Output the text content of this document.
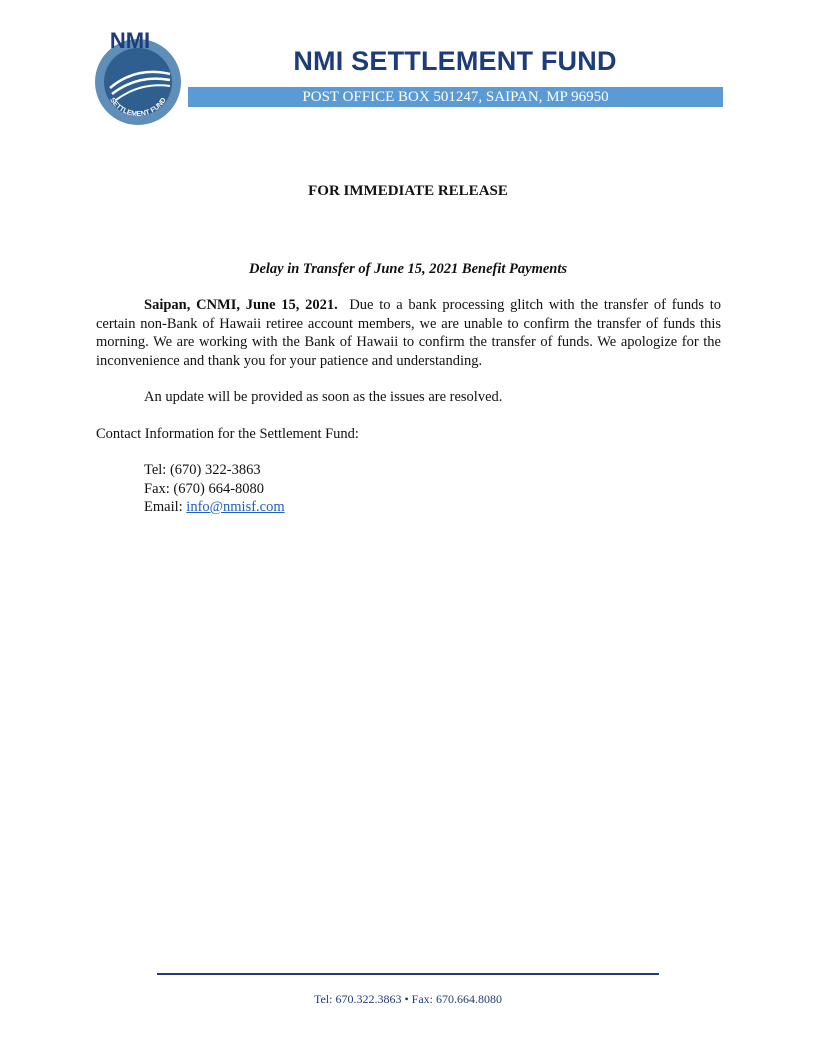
NMI
SETTLEMENT FUND
NMI SETTLEMENT FUND
POST OFFICE BOX 501247, SAIPAN, MP 96950
FOR IMMEDIATE RELEASE
Delay in Transfer of June 15, 2021 Benefit Payments

Saipan, CNMI, June 15, 2021. Due to a bank processing glitch with the transfer of funds to certain non-Bank of Hawaii retiree account members, we are unable to confirm the transfer of funds this morning. We are working with the Bank of Hawaii to confirm the transfer of funds. We apologize for the inconvenience and thank you for your patience and understanding.

An update will be provided as soon as the issues are resolved.

Contact Information for the Settlement Fund:
Tel: (670) 322-3863
Fax: (670) 664-8080
Email: info@nmisf.com
Tel: 670.322.3863 • Fax: 670.664.8080
